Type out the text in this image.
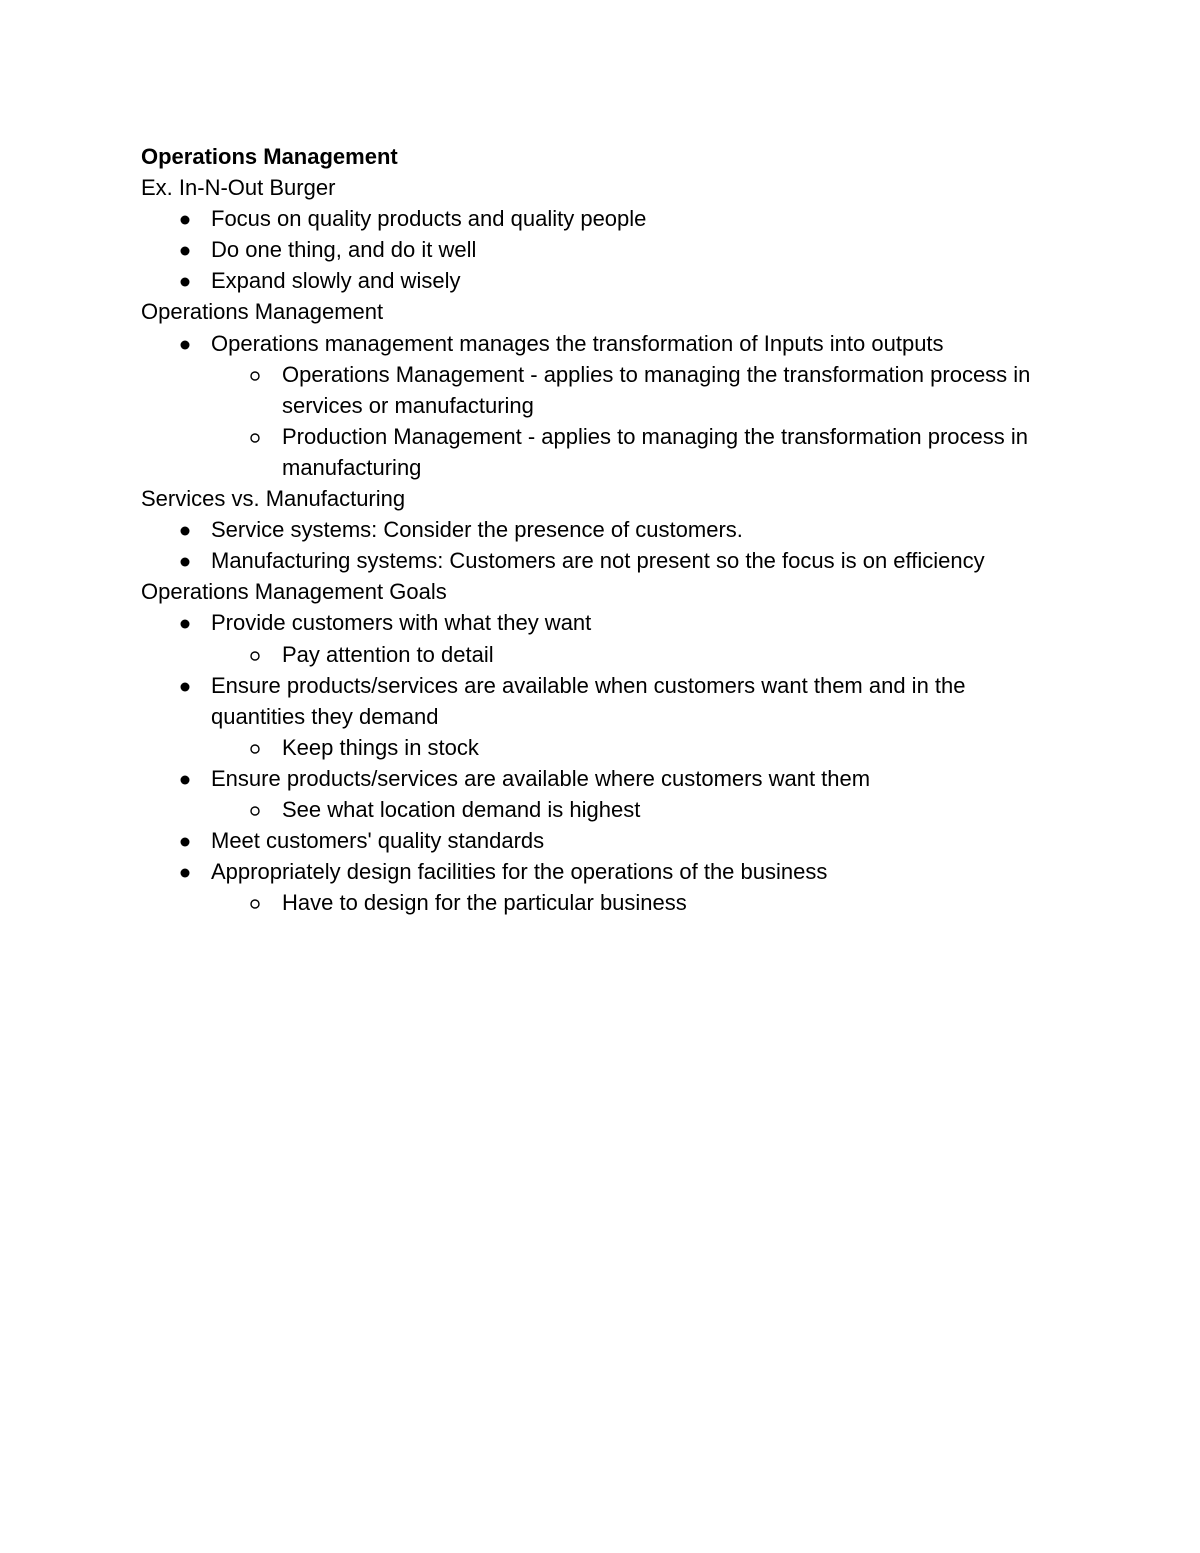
Operations Management
Ex. In-N-Out Burger
Focus on quality products and quality people
Do one thing, and do it well
Expand slowly and wisely
Operations Management
Operations management manages the transformation of Inputs into outputs
Operations Management - applies to managing the transformation process in services or manufacturing
Production Management - applies to managing the transformation process in manufacturing
Services vs. Manufacturing
Service systems: Consider the presence of customers.
Manufacturing systems: Customers are not present so the focus is on efficiency
Operations Management Goals
Provide customers with what they want
Pay attention to detail
Ensure products/services are available when customers want them and in the quantities they demand
Keep things in stock
Ensure products/services are available where customers want them
See what location demand is highest
Meet customers' quality standards
Appropriately design facilities for the operations of the business
Have to design for the particular business
